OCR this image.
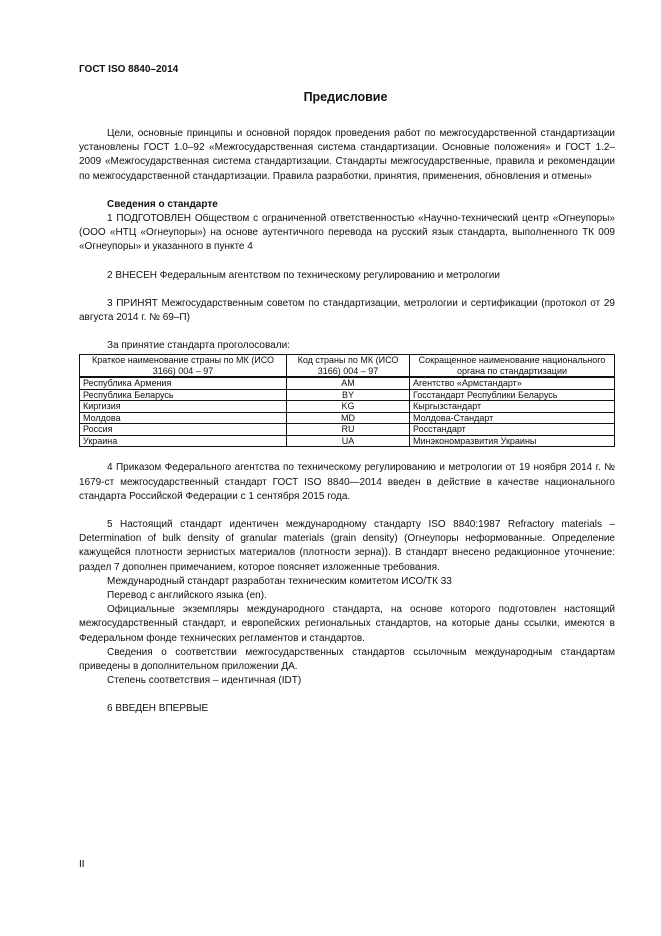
ГОСТ ISO 8840–2014
Предисловие

Цели, основные принципы и основной порядок проведения работ по межгосударственной стандартизации установлены ГОСТ 1.0–92 «Межгосударственная система стандартизации. Основные положения» и ГОСТ 1.2–2009 «Межгосударственная система стандартизации. Стандарты межгосударственные, правила и рекомендации по межгосударственной стандартизации. Правила разработки, принятия, применения, обновления и отмены»

Сведения о стандарте

1 ПОДГОТОВЛЕН Обществом с ограниченной ответственностью «Научно-технический центр «Огнеупоры» (ООО «НТЦ «Огнеупоры») на основе аутентичного перевода на русский язык стандарта, выполненного ТК 009 «Огнеупоры» и указанного в пункте 4

2 ВНЕСЕН Федеральным агентством по техническому регулированию и метрологии

3 ПРИНЯТ Межгосударственным советом по стандартизации, метрологии и сертификации (протокол от 29 августа 2014 г. № 69–П)

За принятие стандарта проголосовали:

Краткое наименование страны по МК (ИСО 3166) 004 – 97	Код страны по МК (ИСО 3166) 004 – 97	Сокращенное наименование национального органа по стандартизации
Республика Армения	AM	Агентство «Армстандарт»
Республика Беларусь	BY	Госстандарт Республики Беларусь
Киргизия	KG	Кыргызстандарт
Молдова	MD	Молдова-Стандарт
Россия	RU	Росстандарт
Украина	UA	Минэкономразвития Украины

4 Приказом Федерального агентства по техническому регулированию и метрологии от 19 ноября 2014 г. № 1679-ст межгосударственный стандарт ГОСТ ISO 8840—2014 введен в действие в качестве национального стандарта Российской Федерации с 1 сентября 2015 года.

5 Настоящий стандарт идентичен международному стандарту ISO 8840:1987 Refractory materials – Determination of bulk density of granular materials (grain density) (Огнеупоры неформованные. Определение кажущейся плотности зернистых материалов (плотности зерна)). В стандарт внесено редакционное уточнение: раздел 7 дополнен примечанием, которое поясняет изложенные требования.

Международный стандарт разработан техническим комитетом ИСО/ТК 33

Перевод с английского языка (en).

Официальные экземпляры международного стандарта, на основе которого подготовлен настоящий межгосударственный стандарт, и европейских региональных стандартов, на которые даны ссылки, имеются в Федеральном фонде технических регламентов и стандартов.

Сведения о соответствии межгосударственных стандартов ссылочным международным стандартам приведены в дополнительном приложении ДА.

Степень соответствия – идентичная (IDT)

6 ВВЕДЕН ВПЕРВЫЕ

II
